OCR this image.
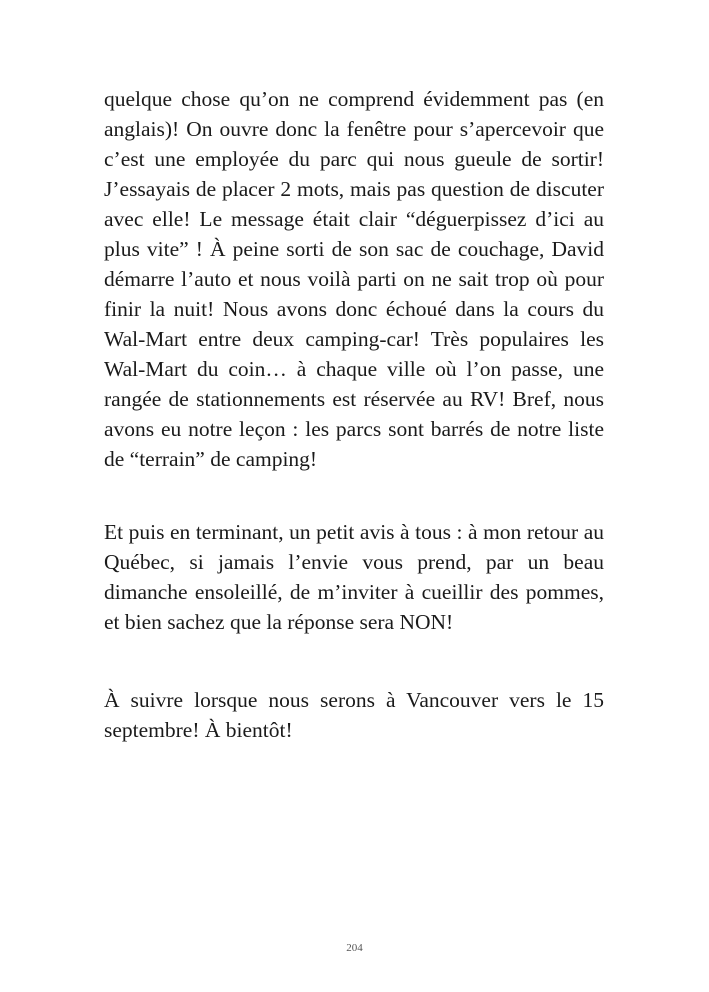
quelque chose qu’on ne comprend évidemment pas (en anglais)! On ouvre donc la fenêtre pour s’apercevoir que c’est une employée du parc qui nous gueule de sortir! J’essayais de placer 2 mots, mais pas question de discuter avec elle! Le message était clair “déguerpissez d’ici au plus vite” ! À peine sorti de son sac de couchage, David démarre l’auto et nous voilà parti on ne sait trop où pour finir la nuit! Nous avons donc échoué dans la cours du Wal-Mart entre deux camping-car! Très populaires les Wal-Mart du coin… à chaque ville où l’on passe, une rangée de stationnements est réservée au RV! Bref, nous avons eu notre leçon : les parcs sont barrés de notre liste de “terrain” de camping!

Et puis en terminant, un petit avis à tous : à mon retour au Québec, si jamais l’envie vous prend, par un beau dimanche ensoleillé, de m’inviter à cueillir des pommes, et bien sachez que la réponse sera NON!

À suivre lorsque nous serons à Vancouver vers le 15 septembre! À bientôt!

204
